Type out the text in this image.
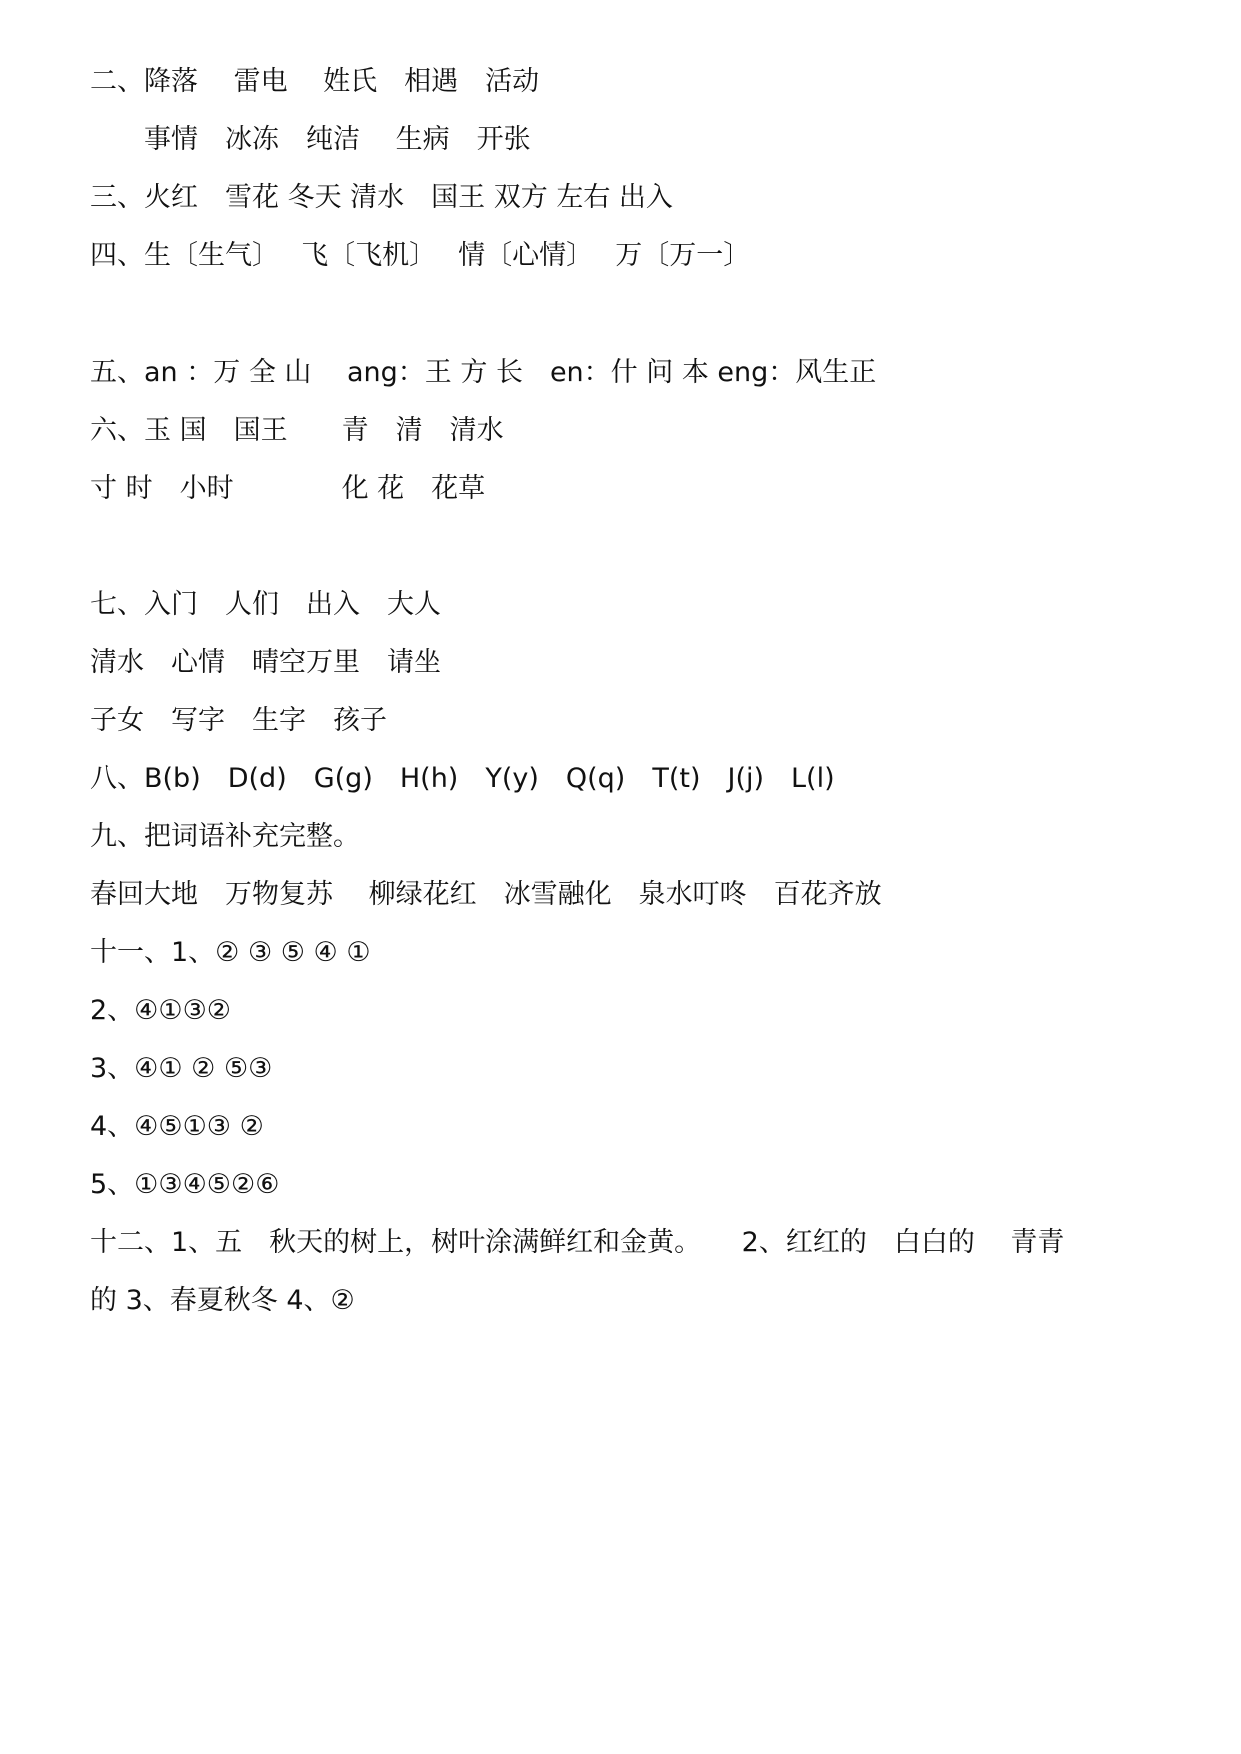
二、降落　 雷电　 姓氏　相遇　活动
　　事情　冰冻　纯洁　 生病　开张
三、火红　雪花 冬天 清水　国王 双方 左右 出入
四、生〔生气〕　 飞〔飞机〕　 情〔心情〕　 万〔万一〕
五、an ：万 全 山　 ang：王 方 长　en：什 问 本 eng：风生正
六、玉 国　国王　　青　清　清水
寸 时　小时　　　　化 花　花草
七、入门　人们　出入　大人
清水　心情　晴空万里　请坐
子女　写字　生字　孩子
八、B(b)　D(d)　G(g)　H(h)　Y(y)　Q(q)　T(t)　J(j)　L(l)
九、把词语补充完整。
春回大地　万物复苏　 柳绿花红　冰雪融化　泉水叮咚　百花齐放
十一、1、② ③ ⑤ ④ ①
2、④①③②
3、④① ② ⑤③
4、④⑤①③ ②
5、①③④⑤②⑥
十二、1、五　秋天的树上，树叶涂满鲜红和金黄。　　2、红红的　白白的　 青青
的 3、春夏秋冬 4、②
